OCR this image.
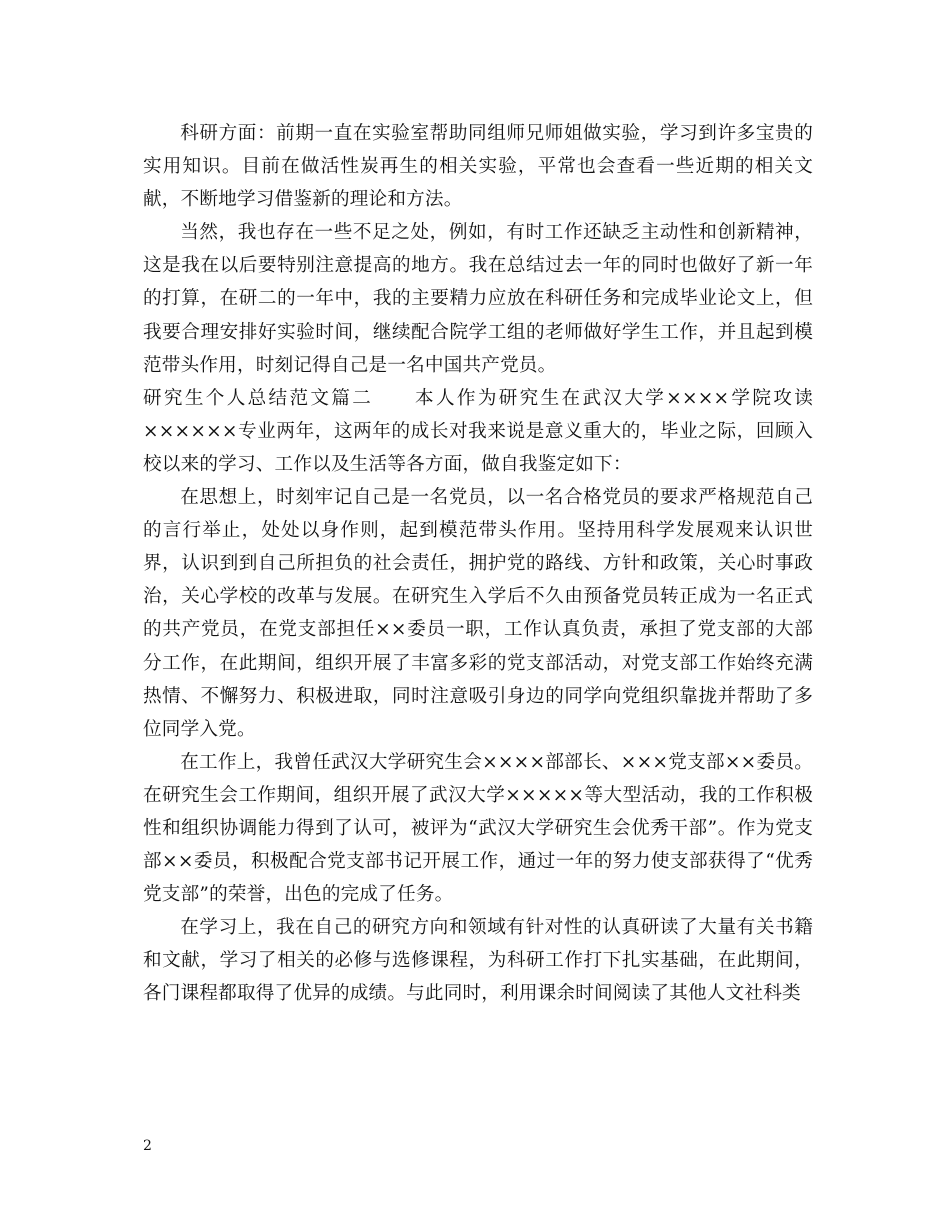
科研方面：前期一直在实验室帮助同组师兄师姐做实验，学习到许多宝贵的实用知识。目前在做活性炭再生的相关实验，平常也会查看一些近期的相关文献，不断地学习借鉴新的理论和方法。

当然，我也存在一些不足之处，例如，有时工作还缺乏主动性和创新精神，这是我在以后要特别注意提高的地方。我在总结过去一年的同时也做好了新一年的打算，在研二的一年中，我的主要精力应放在科研任务和完成毕业论文上，但我要合理安排好实验时间，继续配合院学工组的老师做好学生工作，并且起到模范带头作用，时刻记得自己是一名中国共产党员。

研究生个人总结范文篇二　　本人作为研究生在武汉大学××××学院攻读××××××专业两年，这两年的成长对我来说是意义重大的，毕业之际，回顾入校以来的学习、工作以及生活等各方面，做自我鉴定如下：

在思想上，时刻牢记自己是一名党员，以一名合格党员的要求严格规范自己的言行举止，处处以身作则，起到模范带头作用。坚持用科学发展观来认识世界，认识到到自己所担负的社会责任，拥护党的路线、方针和政策，关心时事政治，关心学校的改革与发展。在研究生入学后不久由预备党员转正成为一名正式的共产党员，在党支部担任××委员一职，工作认真负责，承担了党支部的大部分工作，在此期间，组织开展了丰富多彩的党支部活动，对党支部工作始终充满热情、不懈努力、积极进取，同时注意吸引身边的同学向党组织靠拢并帮助了多位同学入党。

在工作上，我曾任武汉大学研究生会××××部部长、×××党支部××委员。在研究生会工作期间，组织开展了武汉大学×××××等大型活动，我的工作积极性和组织协调能力得到了认可，被评为“武汉大学研究生会优秀干部”。作为党支部××委员，积极配合党支部书记开展工作，通过一年的努力使支部获得了“优秀党支部”的荣誉，出色的完成了任务。

在学习上，我在自己的研究方向和领域有针对性的认真研读了大量有关书籍和文献，学习了相关的必修与选修课程，为科研工作打下扎实基础，在此期间，各门课程都取得了优异的成绩。与此同时，利用课余时间阅读了其他人文社科类

2
